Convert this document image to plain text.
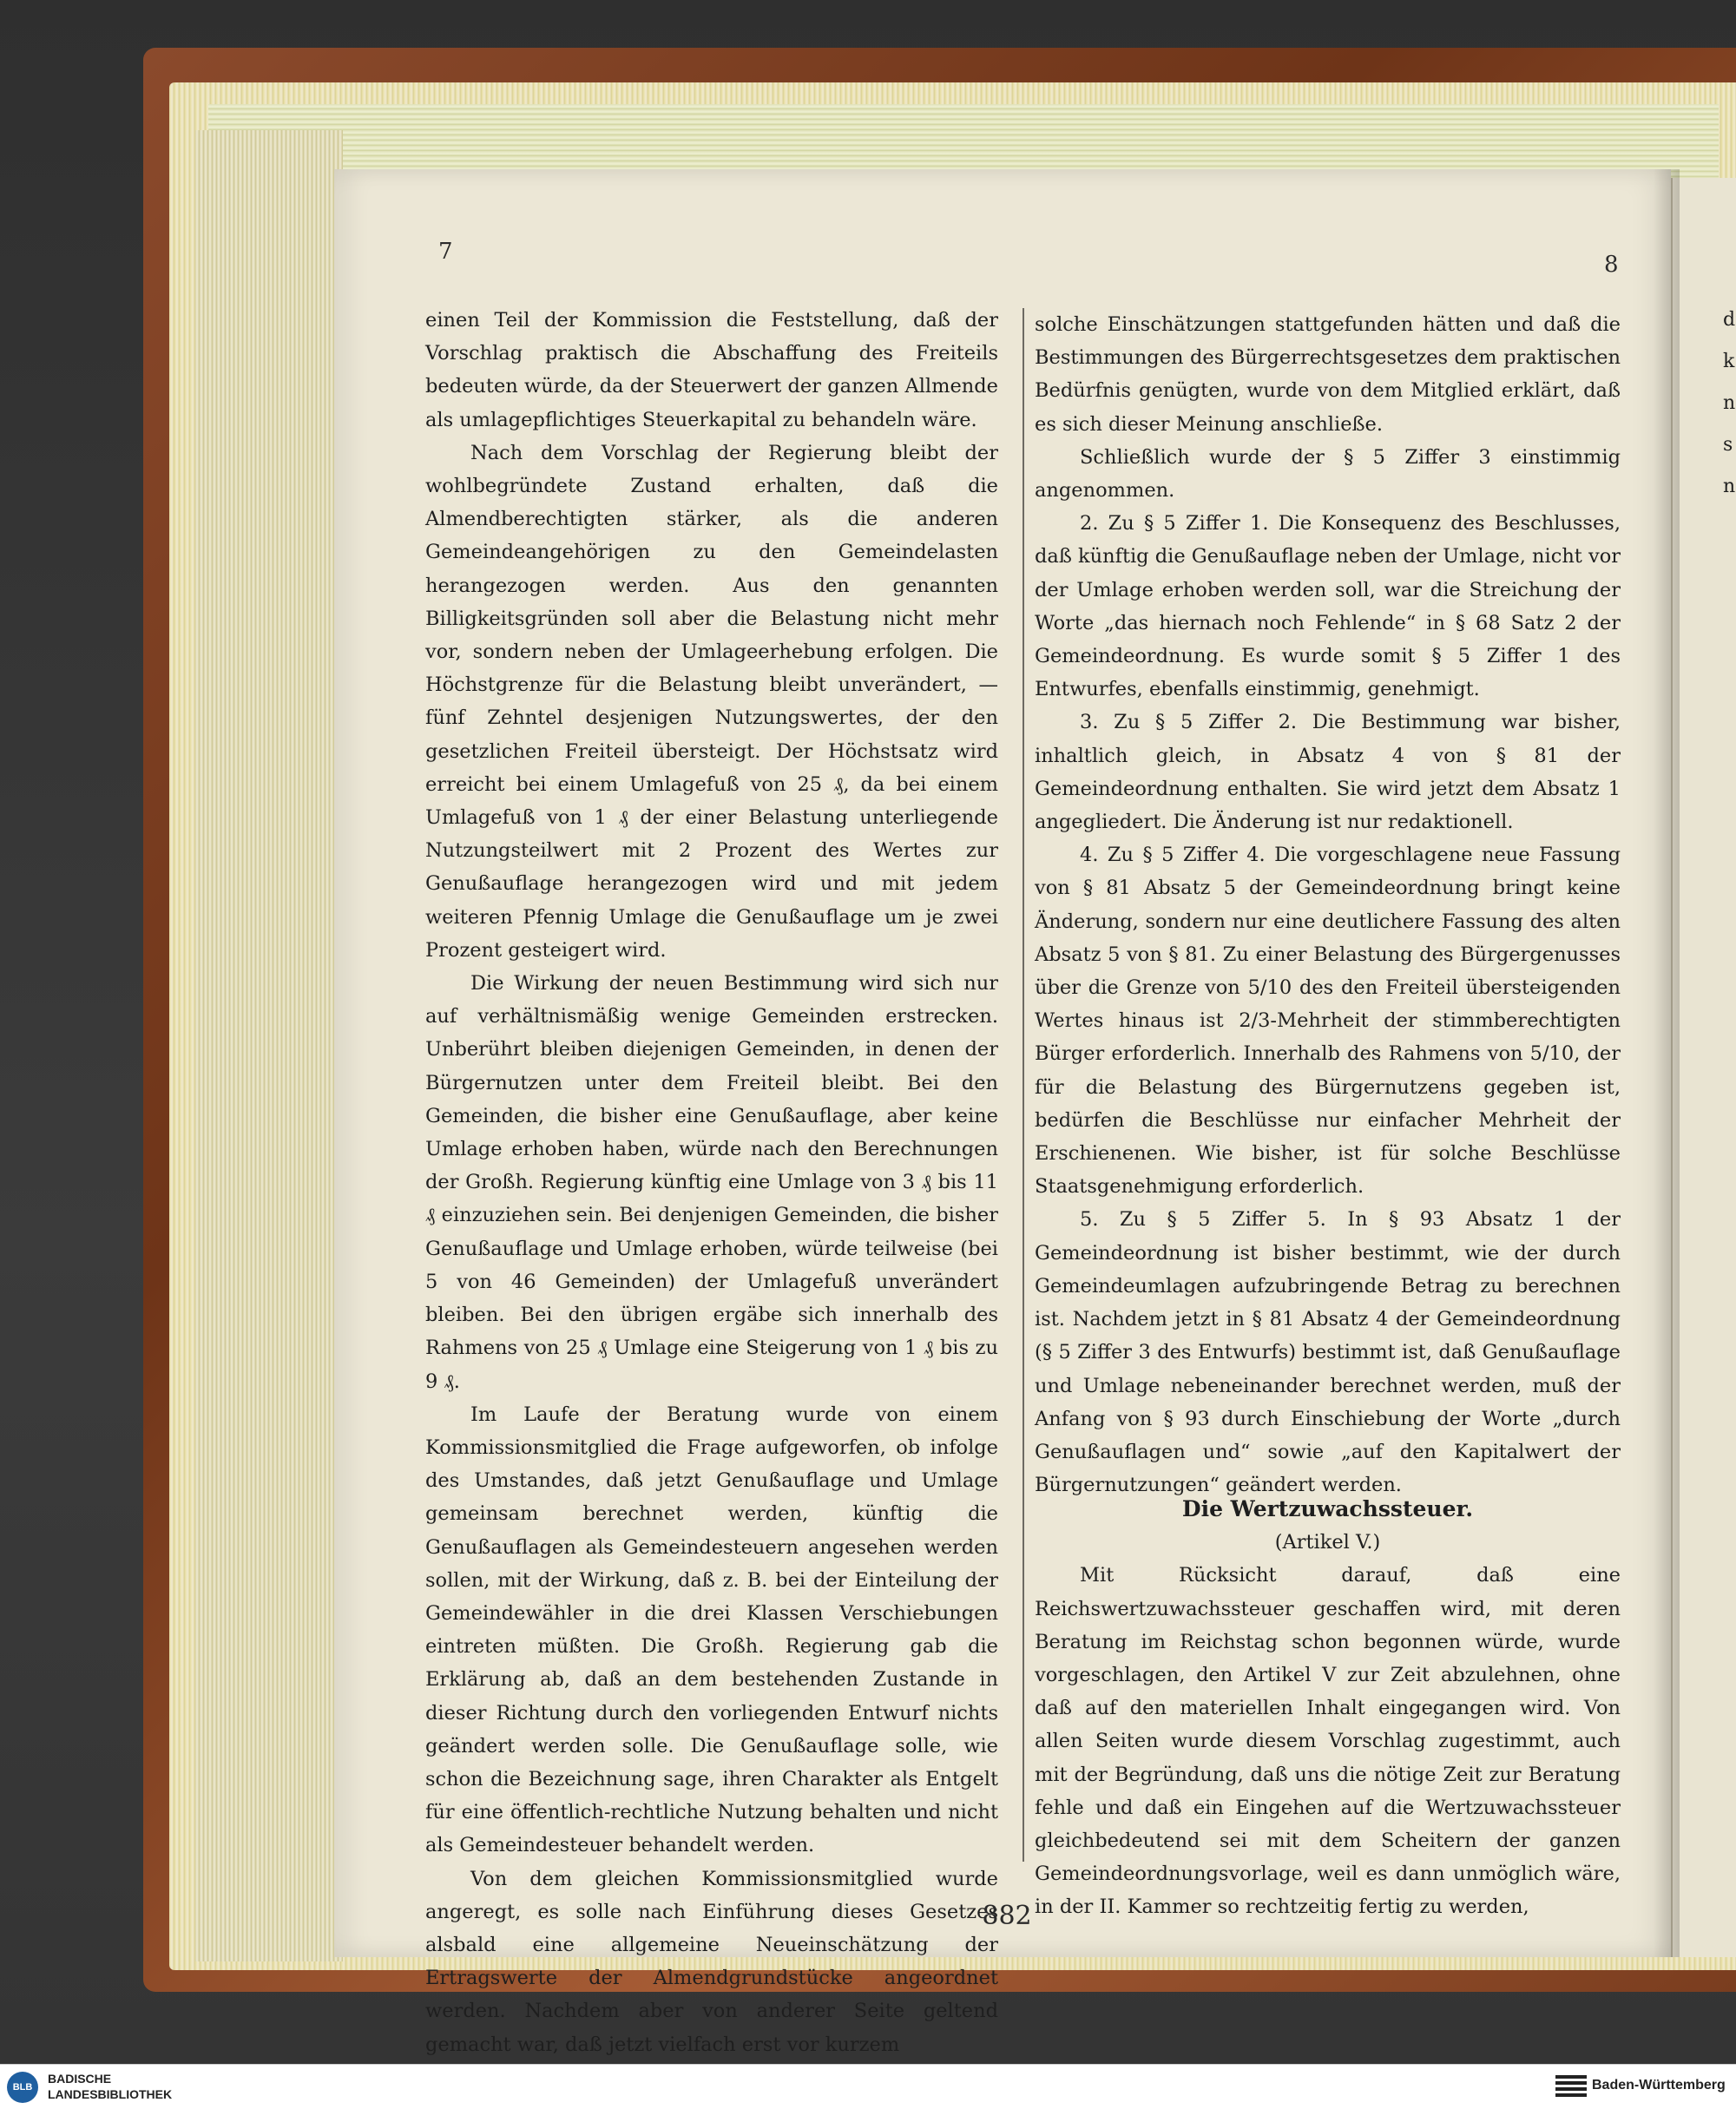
7	8

einen Teil der Kommission die Feststellung, daß der Vorschlag praktisch die Abschaffung des Freiteils bedeuten würde, da der Steuerwert der ganzen Allmende als umlagepflichtiges Steuerkapital zu behandeln wäre.

Nach dem Vorschlag der Regierung bleibt der wohlbegründete Zustand erhalten, daß die Almendberechtigten stärker, als die anderen Gemeindeangehörigen zu den Gemeindelasten herangezogen werden. Aus den genannten Billigkeitsgründen soll aber die Belastung nicht mehr vor, sondern neben der Umlageerhebung erfolgen. Die Höchstgrenze für die Belastung bleibt unverändert, — fünf Zehntel desjenigen Nutzungswertes, der den gesetzlichen Freiteil übersteigt. Der Höchstsatz wird erreicht bei einem Umlagefuß von 25 ₰, da bei einem Umlagefuß von 1 ₰ der einer Belastung unterliegende Nutzungsteilwert mit 2 Prozent des Wertes zur Genußauflage herangezogen wird und mit jedem weiteren Pfennig Umlage die Genußauflage um je zwei Prozent gesteigert wird.

Die Wirkung der neuen Bestimmung wird sich nur auf verhältnismäßig wenige Gemeinden erstrecken. Unberührt bleiben diejenigen Gemeinden, in denen der Bürgernutzen unter dem Freiteil bleibt. Bei den Gemeinden, die bisher eine Genußauflage, aber keine Umlage erhoben haben, würde nach den Berechnungen der Großh. Regierung künftig eine Umlage von 3 ₰ bis 11 ₰ einzuziehen sein. Bei denjenigen Gemeinden, die bisher Genußauflage und Umlage erhoben, würde teilweise (bei 5 von 46 Gemeinden) der Umlagefuß unverändert bleiben. Bei den übrigen ergäbe sich innerhalb des Rahmens von 25 ₰ Umlage eine Steigerung von 1 ₰ bis zu 9 ₰.

Im Laufe der Beratung wurde von einem Kommissionsmitglied die Frage aufgeworfen, ob infolge des Umstandes, daß jetzt Genußauflage und Umlage gemeinsam berechnet werden, künftig die Genußauflagen als Gemeindesteuern angesehen werden sollen, mit der Wirkung, daß z. B. bei der Einteilung der Gemeindewähler in die drei Klassen Verschiebungen eintreten müßten. Die Großh. Regierung gab die Erklärung ab, daß an dem bestehenden Zustande in dieser Richtung durch den vorliegenden Entwurf nichts geändert werden solle. Die Genußauflage solle, wie schon die Bezeichnung sage, ihren Charakter als Entgelt für eine öffentlich-rechtliche Nutzung behalten und nicht als Gemeindesteuer behandelt werden.

Von dem gleichen Kommissionsmitglied wurde angeregt, es solle nach Einführung dieses Gesetzes alsbald eine allgemeine Neueinschätzung der Ertragswerte der Almendgrundstücke angeordnet werden. Nachdem aber von anderer Seite geltend gemacht war, daß jetzt vielfach erst vor kurzem

solche Einschätzungen stattgefunden hätten und daß die Bestimmungen des Bürgerrechtsgesetzes dem praktischen Bedürfnis genügten, wurde von dem Mitglied erklärt, daß es sich dieser Meinung anschließe.

Schließlich wurde der § 5 Ziffer 3 einstimmig angenommen.

2. Zu § 5 Ziffer 1. Die Konsequenz des Beschlusses, daß künftig die Genußauflage neben der Umlage, nicht vor der Umlage erhoben werden soll, war die Streichung der Worte „das hiernach noch Fehlende“ in § 68 Satz 2 der Gemeindeordnung. Es wurde somit § 5 Ziffer 1 des Entwurfes, ebenfalls einstimmig, genehmigt.

3. Zu § 5 Ziffer 2. Die Bestimmung war bisher, inhaltlich gleich, in Absatz 4 von § 81 der Gemeindeordnung enthalten. Sie wird jetzt dem Absatz 1 angegliedert. Die Änderung ist nur redaktionell.

4. Zu § 5 Ziffer 4. Die vorgeschlagene neue Fassung von § 81 Absatz 5 der Gemeindeordnung bringt keine Änderung, sondern nur eine deutlichere Fassung des alten Absatz 5 von § 81. Zu einer Belastung des Bürgergenusses über die Grenze von 5/10 des den Freiteil übersteigenden Wertes hinaus ist 2/3-Mehrheit der stimmberechtigten Bürger erforderlich. Innerhalb des Rahmens von 5/10, der für die Belastung des Bürgernutzens gegeben ist, bedürfen die Beschlüsse nur einfacher Mehrheit der Erschienenen. Wie bisher, ist für solche Beschlüsse Staatsgenehmigung erforderlich.

5. Zu § 5 Ziffer 5. In § 93 Absatz 1 der Gemeindeordnung ist bisher bestimmt, wie der durch Gemeindeumlagen aufzubringende Betrag zu berechnen ist. Nachdem jetzt in § 81 Absatz 4 der Gemeindeordnung (§ 5 Ziffer 3 des Entwurfs) bestimmt ist, daß Genußauflage und Umlage nebeneinander berechnet werden, muß der Anfang von § 93 durch Einschiebung der Worte „durch Genußauflagen und“ sowie „auf den Kapitalwert der Bürgernutzungen“ geändert werden.

Die Wertzuwachssteuer.
(Artikel V.)

Mit Rücksicht darauf, daß eine Reichswertzuwachssteuer geschaffen wird, mit deren Beratung im Reichstag schon begonnen würde, wurde vorgeschlagen, den Artikel V zur Zeit abzulehnen, ohne daß auf den materiellen Inhalt eingegangen wird. Von allen Seiten wurde diesem Vorschlag zugestimmt, auch mit der Begründung, daß uns die nötige Zeit zur Beratung fehle und daß ein Eingehen auf die Wertzuwachssteuer gleichbedeutend sei mit dem Scheitern der ganzen Gemeindeordnungsvorlage, weil es dann unmöglich wäre, in der II. Kammer so rechtzeitig fertig zu werden,

d
k
n
s
n
882
BLB
BADISCHE
LANDESBIBLIOTHEK
Baden-Württemberg
